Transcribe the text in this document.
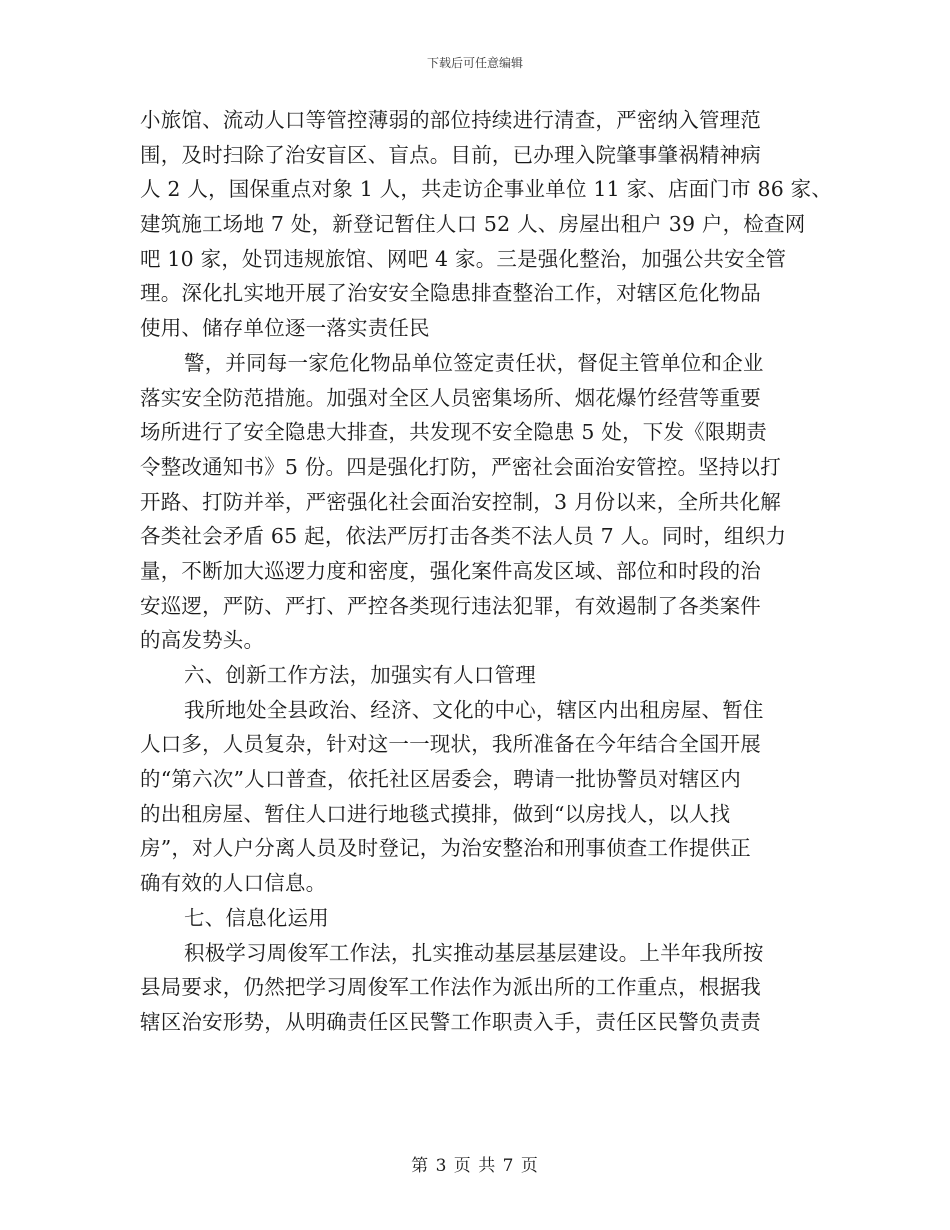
下载后可任意编辑
小旅馆、流动人口等管控薄弱的部位持续进行清查，严密纳入管理范
围，及时扫除了治安盲区、盲点。目前，已办理入院肇事肇祸精神病
人 2 人，国保重点对象 1 人，共走访企事业单位 11 家、店面门市 86 家、
建筑施工场地 7 处，新登记暂住人口 52 人、房屋出租户 39 户，检查网
吧 10 家，处罚违规旅馆、网吧 4 家。三是强化整治，加强公共安全管
理。深化扎实地开展了治安安全隐患排查整治工作，对辖区危化物品
使用、储存单位逐一落实责任民
警，并同每一家危化物品单位签定责任状，督促主管单位和企业
落实安全防范措施。加强对全区人员密集场所、烟花爆竹经营等重要
场所进行了安全隐患大排查，共发现不安全隐患 5 处，下发《限期责
令整改通知书》5 份。四是强化打防，严密社会面治安管控。坚持以打
开路、打防并举，严密强化社会面治安控制，3 月份以来，全所共化解
各类社会矛盾 65 起，依法严厉打击各类不法人员 7 人。同时，组织力
量，不断加大巡逻力度和密度，强化案件高发区域、部位和时段的治
安巡逻，严防、严打、严控各类现行违法犯罪，有效遏制了各类案件
的高发势头。
六、创新工作方法，加强实有人口管理
我所地处全县政治、经济、文化的中心，辖区内出租房屋、暂住
人口多，人员复杂，针对这一一现状，我所准备在今年结合全国开展
的“第六次”人口普查，依托社区居委会，聘请一批协警员对辖区内
的出租房屋、暂住人口进行地毯式摸排，做到“以房找人，以人找
房”，对人户分离人员及时登记，为治安整治和刑事侦查工作提供正
确有效的人口信息。
七、信息化运用
积极学习周俊军工作法，扎实推动基层基层建设。上半年我所按
县局要求，仍然把学习周俊军工作法作为派出所的工作重点，根据我
辖区治安形势，从明确责任区民警工作职责入手，责任区民警负责责
第 3 页 共 7 页
